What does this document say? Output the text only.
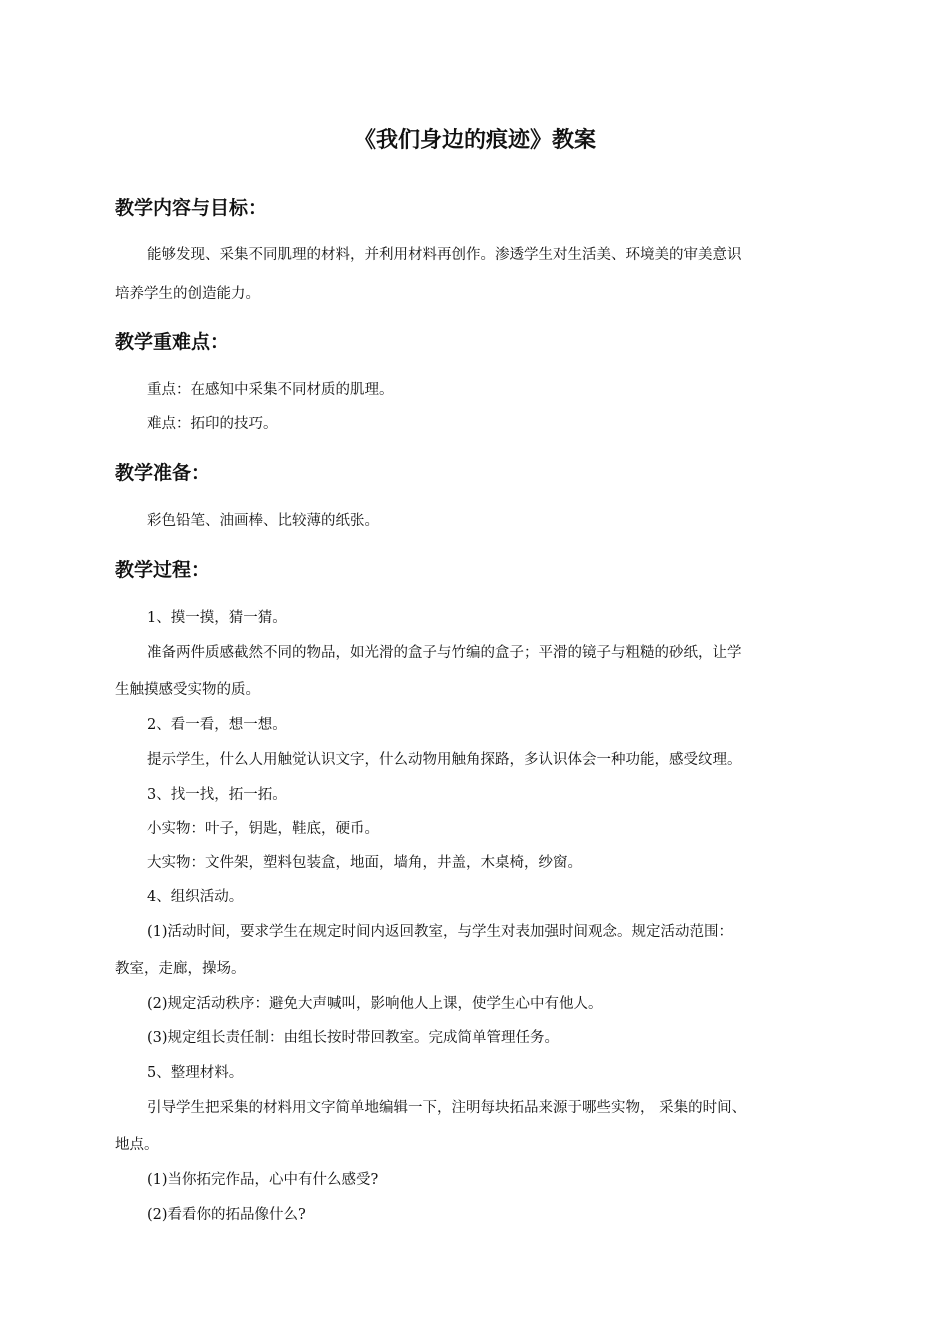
《我们身边的痕迹》教案
教学内容与目标：
能够发现、采集不同肌理的材料，并利用材料再创作。渗透学生对生活美、环境美的审美意识
培养学生的创造能力。
教学重难点：
重点：在感知中采集不同材质的肌理。
难点：拓印的技巧。
教学准备：
彩色铅笔、油画棒、比较薄的纸张。
教学过程：
1、摸一摸，猜一猜。
准备两件质感截然不同的物品，如光滑的盒子与竹编的盒子；平滑的镜子与粗糙的砂纸，让学
生触摸感受实物的质。
2、看一看，想一想。
提示学生，什么人用触觉认识文字，什么动物用触角探路，多认识体会一种功能，感受纹理。
3、找一找，拓一拓。
小实物：叶子，钥匙，鞋底，硬币。
大实物：文件架，塑料包装盒，地面，墙角，井盖，木桌椅，纱窗。
4、组织活动。
(1)活动时间，要求学生在规定时间内返回教室，与学生对表加强时间观念。规定活动范围：
教室，走廊，操场。
(2)规定活动秩序：避免大声喊叫，影响他人上课，使学生心中有他人。
(3)规定组长责任制：由组长按时带回教室。完成简单管理任务。
5、整理材料。
引导学生把采集的材料用文字简单地编辑一下，注明每块拓品来源于哪些实物， 采集的时间、
地点。
(1)当你拓完作品，心中有什么感受?
(2)看看你的拓品像什么?
